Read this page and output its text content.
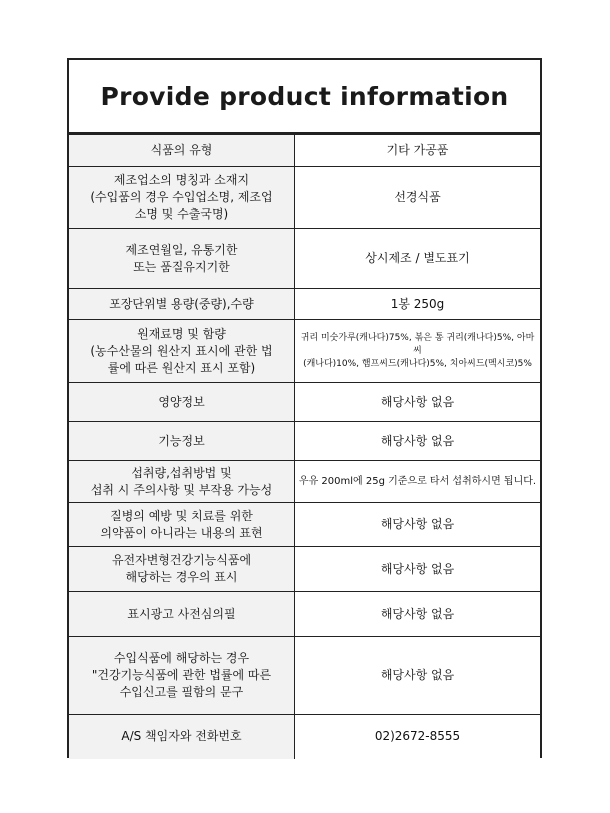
Provide product information
식품의 유형	기타 가공품

제조업소의 명칭과 소재지
(수입품의 경우 수입업소명, 제조업
소명 및 수출국명)	선경식품

제조연월일, 유통기한
또는 품질유지기한	상시제조 / 별도표기

포장단위별 용량(중량),수량	1봉 250g

원재료명 및 함량
(농수산물의 원산지 표시에 관한 법
률에 따른 원산지 표시 포함)	귀리 미숫가루(캐나다)75%, 볶은 통 귀리(캐나다)5%, 아마씨
(캐나다)10%, 햄프씨드(캐나다)5%, 치아씨드(멕시코)5%

영양정보	해당사항 없음

기능정보	해당사항 없음

섭취량,섭취방법 및
섭취 시 주의사항 및 부작용 가능성	우유 200ml에 25g 기준으로 타서 섭취하시면 됩니다.

질병의 예방 및 치료를 위한
의약품이 아니라는 내용의 표현	해당사항 없음

유전자변형건강기능식품에
해당하는 경우의 표시	해당사항 없음

표시광고 사전심의필	해당사항 없음

수입식품에 해당하는 경우
"건강기능식품에 관한 법률에 따른
수입신고를 필함의 문구	해당사항 없음

A/S 책임자와 전화번호	02)2672-8555
